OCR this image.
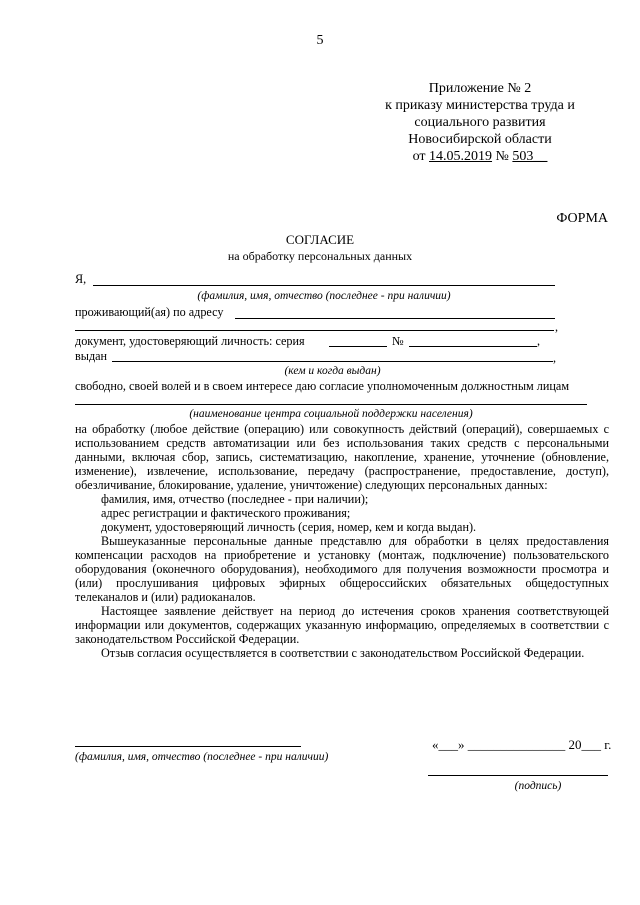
5
Приложение № 2
к приказу министерства труда и
социального развития
Новосибирской области
от 14.05.2019 № 503__
ФОРМА
СОГЛАСИЕ
на обработку персональных данных
Я,
(фамилия, имя, отчество (последнее - при наличии)
проживающий(ая) по адресу
,
документ, удостоверяющий личность: серия	№	,
выдан	,
(кем и когда выдан)
свободно, своей волей и в своем интересе даю согласие уполномоченным должностным лицам
(наименование центра социальной поддержки населения)

на обработку (любое действие (операцию) или совокупность действий (операций), совершаемых с использованием средств автоматизации или без использования таких средств с персональными данными, включая сбор, запись, систематизацию, накопление, хранение, уточнение (обновление, изменение), извлечение, использование, передачу (распространение, предоставление, доступ), обезличивание, блокирование, удаление, уничтожение) следующих персональных данных:

фамилия, имя, отчество (последнее - при наличии);

адрес регистрации и фактического проживания;

документ, удостоверяющий личность (серия, номер, кем и когда выдан).

Вышеуказанные персональные данные представлю для обработки в целях предоставления компенсации расходов на приобретение и установку (монтаж, подключение) пользовательского оборудования (оконечного оборудования), необходимого для получения возможности просмотра и (или) прослушивания цифровых эфирных общероссийских обязательных общедоступных телеканалов и (или) радиоканалов.

Настоящее заявление действует на период до истечения сроков хранения соответствующей информации или документов, содержащих указанную информацию, определяемых в соответствии с законодательством Российской Федерации.

Отзыв согласия осуществляется в соответствии с законодательством Российской Федерации.

(фамилия, имя, отчество (последнее - при наличии)
«___» _______________ 20___ г.
(подпись)
